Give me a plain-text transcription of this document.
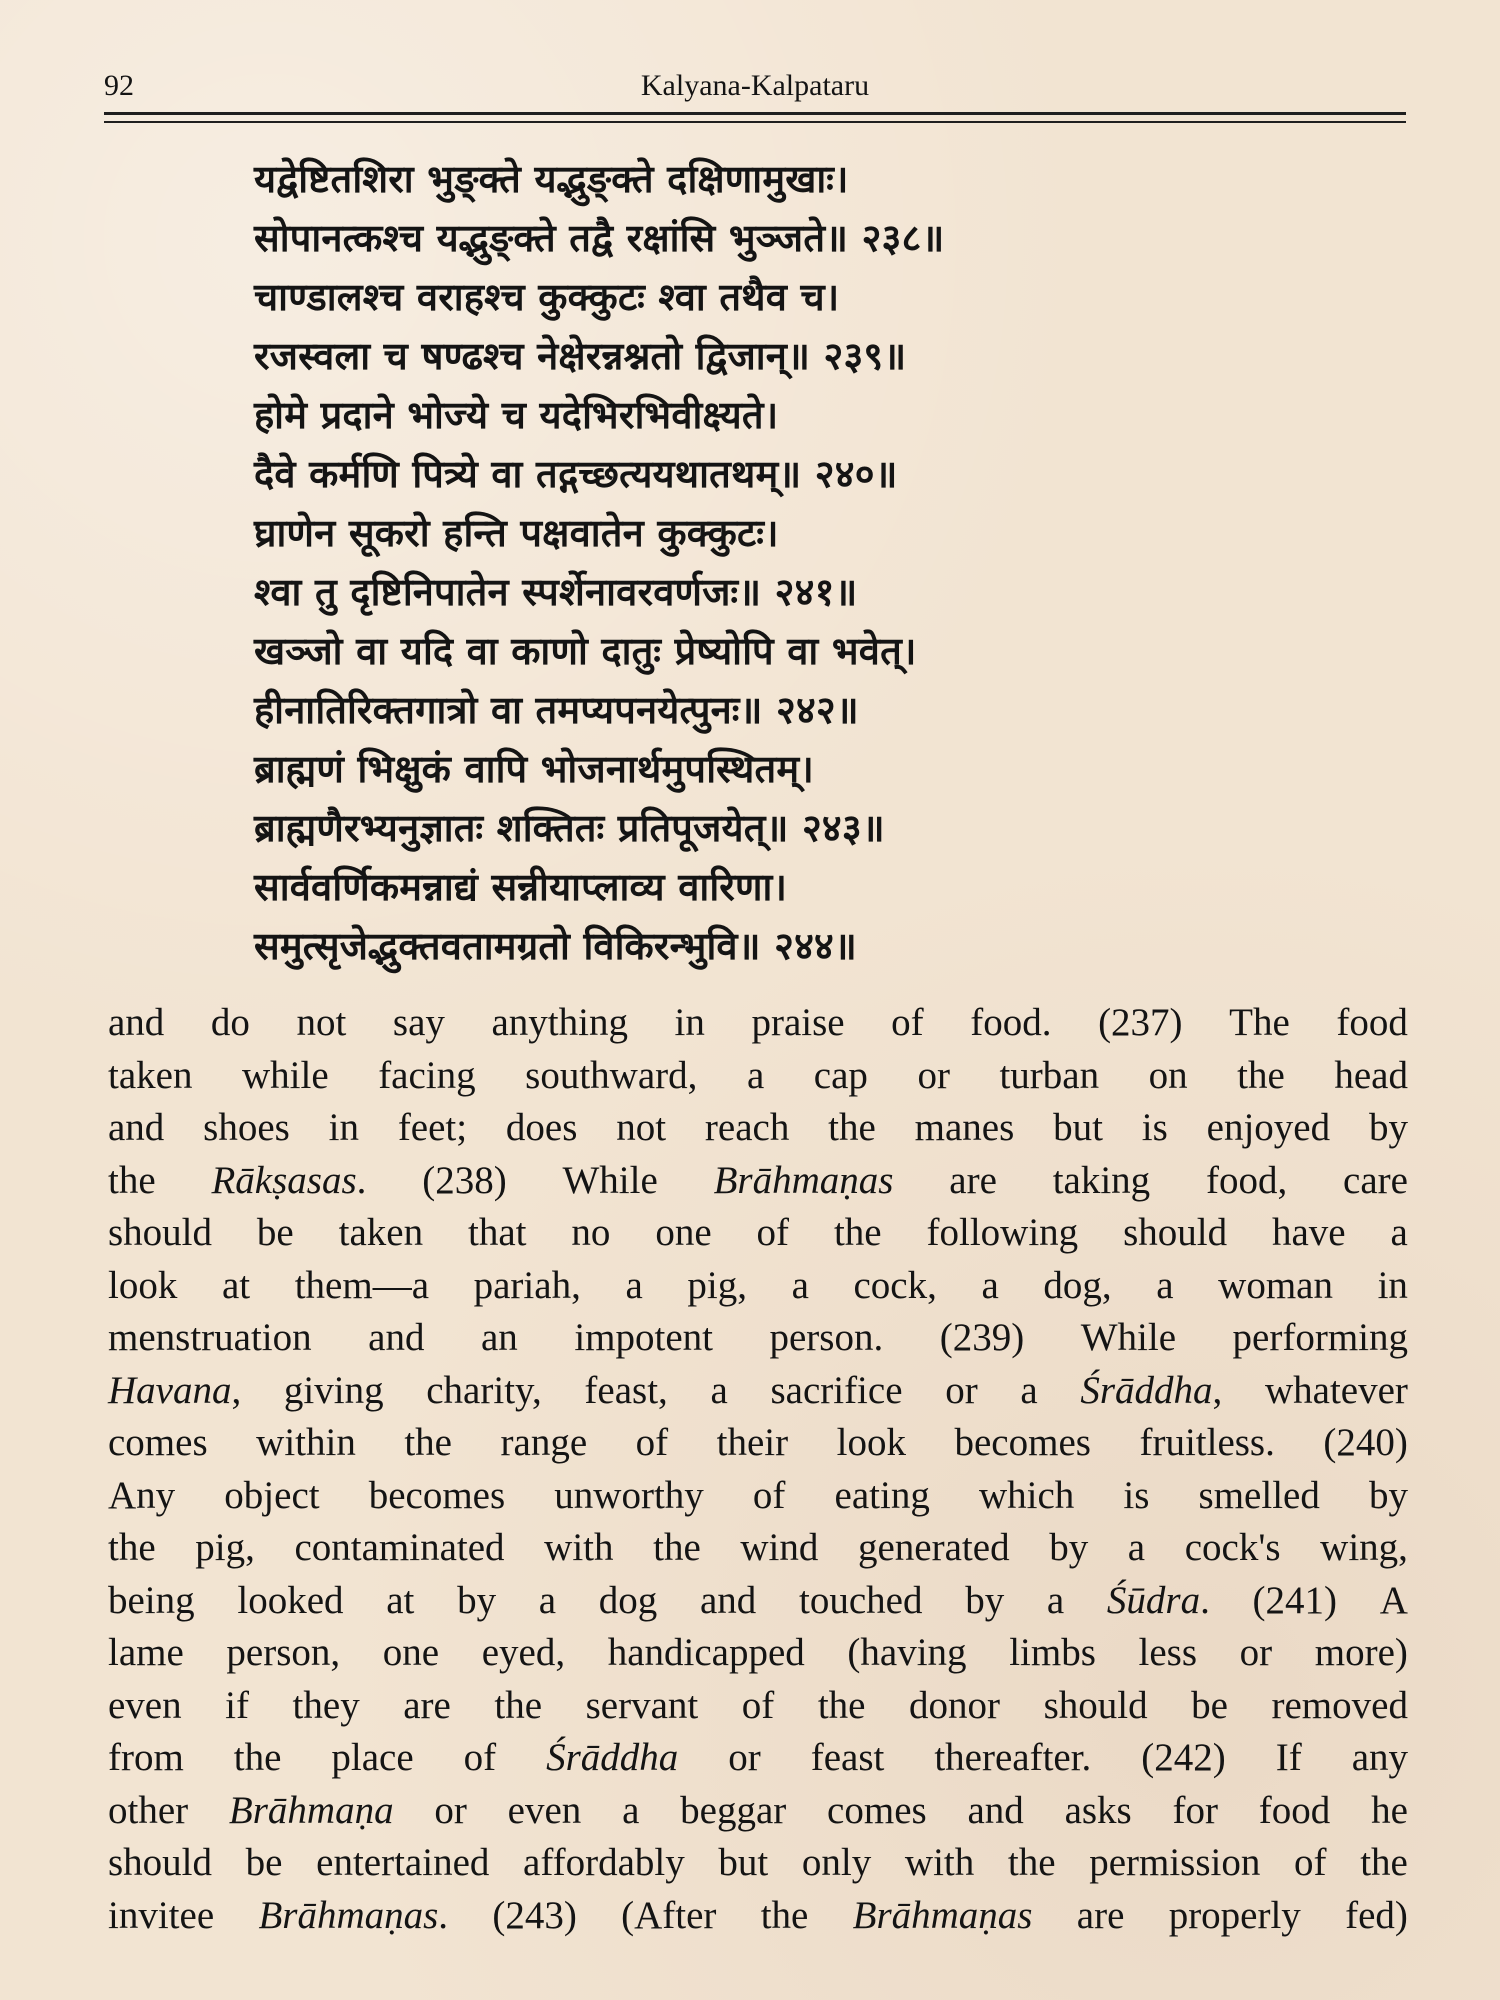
92	Kalyana-Kalpataru
यद्वेष्टितशिरा भुङ्क्ते यद्भुङ्क्ते दक्षिणामुखाः।
सोपानत्कश्च यद्भुङ्क्ते तद्वै रक्षांसि भुञ्जते॥ २३८॥
चाण्डालश्च वराहश्च कुक्कुटः श्वा तथैव च।
रजस्वला च षण्ढश्च नेक्षेरन्नश्नतो द्विजान्॥ २३९॥
होमे प्रदाने भोज्ये च यदेभिरभिवीक्ष्यते।
दैवे कर्मणि पित्र्ये वा तद्गच्छत्ययथातथम्॥ २४०॥
घ्राणेन सूकरो हन्ति पक्षवातेन कुक्कुटः।
श्वा तु दृष्टिनिपातेन स्पर्शेनावरवर्णजः॥ २४१॥
खञ्जो वा यदि वा काणो दातुः प्रेष्योपि वा भवेत्।
हीनातिरिक्तगात्रो वा तमप्यपनयेत्पुनः॥ २४२॥
ब्राह्मणं भिक्षुकं वापि भोजनार्थमुपस्थितम्।
ब्राह्मणैरभ्यनुज्ञातः शक्तितः प्रतिपूजयेत्॥ २४३॥
सार्ववर्णिकमन्नाद्यं सन्नीयाप्लाव्य वारिणा।
समुत्सृजेद्भुक्तवतामग्रतो विकिरन्भुवि॥ २४४॥
and do not say anything in praise of food. (237) The food
taken while facing southward, a cap or turban on the head
and shoes in feet; does not reach the manes but is enjoyed by
the Rākṣasas. (238) While Brāhmaṇas are taking food, care
should be taken that no one of the following should have a
look at them—a pariah, a pig, a cock, a dog, a woman in
menstruation and an impotent person. (239) While performing
Havana, giving charity, feast, a sacrifice or a Śrāddha, whatever
comes within the range of their look becomes fruitless. (240)
Any object becomes unworthy of eating which is smelled by
the pig, contaminated with the wind generated by a cock's wing,
being looked at by a dog and touched by a Śūdra. (241) A
lame person, one eyed, handicapped (having limbs less or more)
even if they are the servant of the donor should be removed
from the place of Śrāddha or feast thereafter. (242) If any
other Brāhmaṇa or even a beggar comes and asks for food he
should be entertained affordably but only with the permission of the
invitee Brāhmaṇas. (243) (After the Brāhmaṇas are properly fed)
